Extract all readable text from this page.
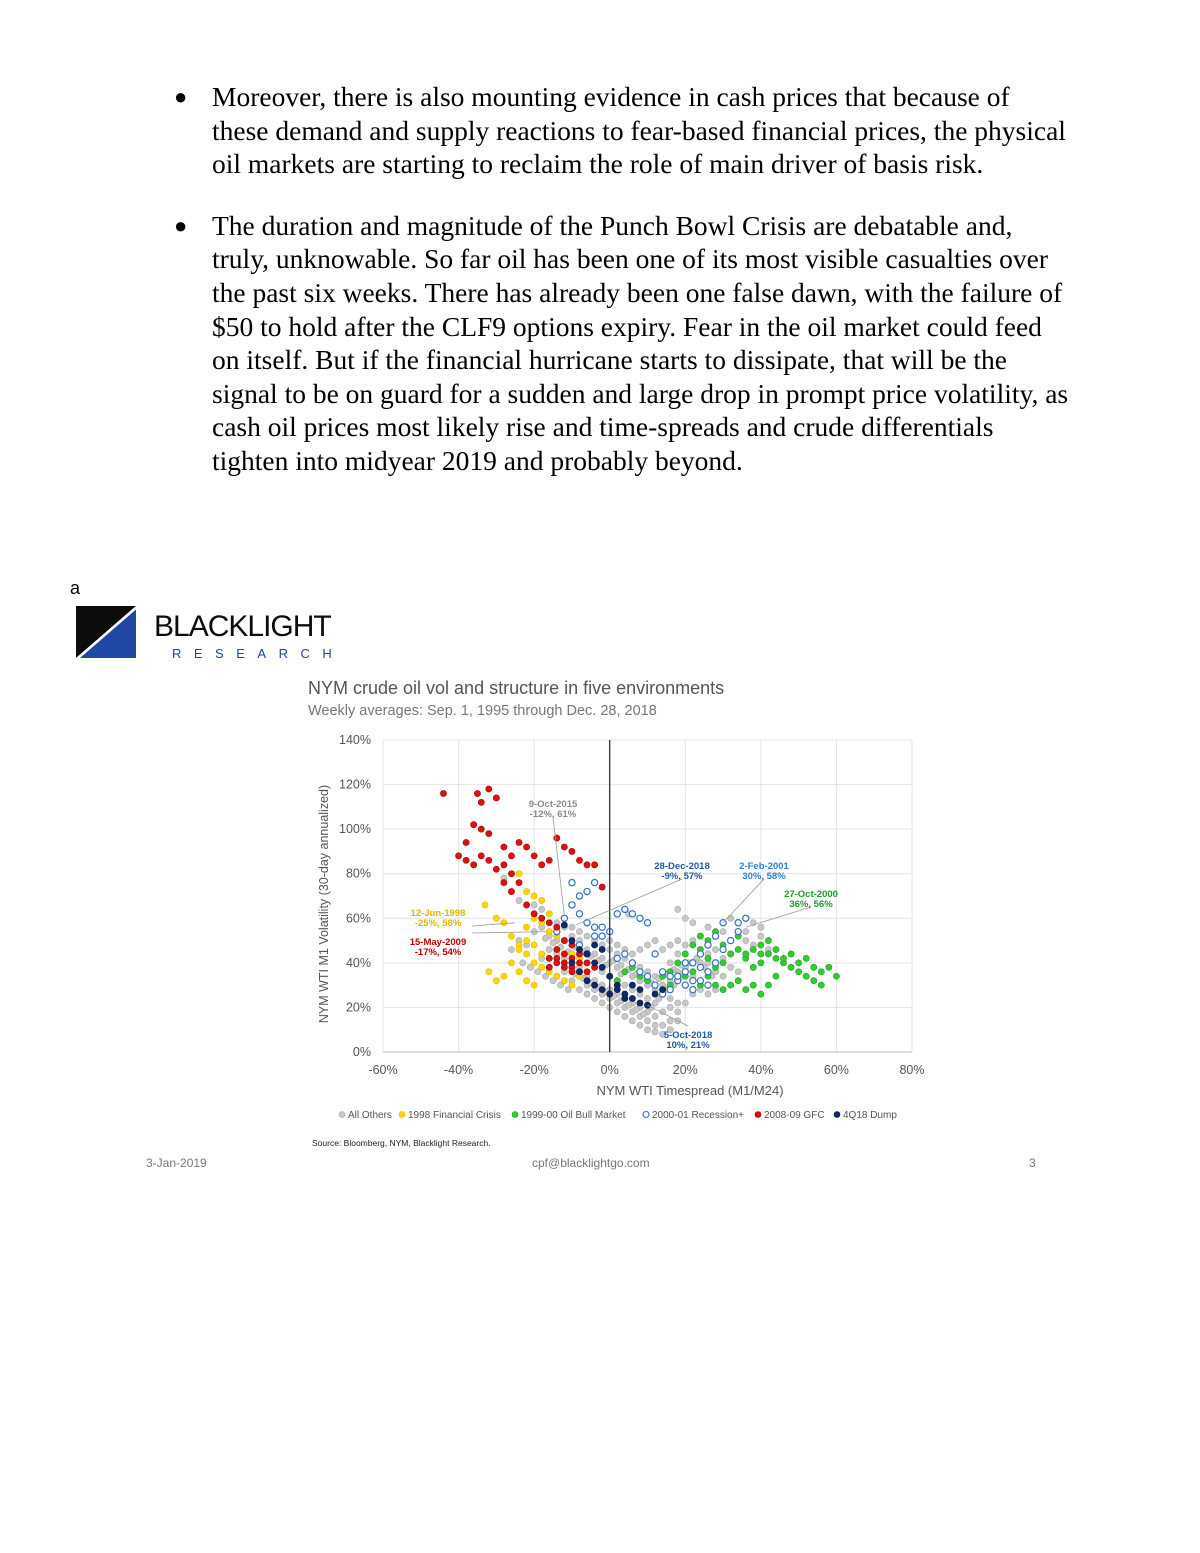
● Moreover, there is also mounting evidence in cash prices that because of these demand and supply reactions to fear-based financial prices, the physical oil markets are starting to reclaim the role of main driver of basis risk.
● The duration and magnitude of the Punch Bowl Crisis are debatable and, truly, unknowable. So far oil has been one of its most visible casualties over the past six weeks. There has already been one false dawn, with the failure of $50 to hold after the CLF9 options expiry. Fear in the oil market could feed on itself. But if the financial hurricane starts to dissipate, that will be the signal to be on guard for a sudden and large drop in prompt price volatility, as cash oil prices most likely rise and time-spreads and crude differentials tighten into midyear 2019 and probably beyond.
a
BLACKLIGHT
RESEARCH
NYM crude oil vol and structure in five environments
Weekly averages: Sep. 1, 1995 through Dec. 28, 2018
0%
20%
40%
60%
80%
100%
120%
140%
-60%	-40%	-20%	0%	20%	40%	60%	80%
NYM WTI Timespread (M1/M24)
NYM WTI M1 Volatility (30-day annualized)	9-Oct-2015
-12%, 61%
28-Dec-2018
-9%, 57%
2-Feb-2001
30%, 58%
27-Oct-2000
36%, 56%
12-Jun-1998
-25%, 58%
15-May-2009
-17%, 54%
5-Oct-2018
10%, 21%
All Others 1998 Financial Crisis 1999-00 Oil Bull Market	2000-01 Recession+ 2008-09 GFC 4Q18 Dump
Source: Bloomberg, NYM, Blacklight Research.
3-Jan-2019	cpf@blacklightgo.com	3
